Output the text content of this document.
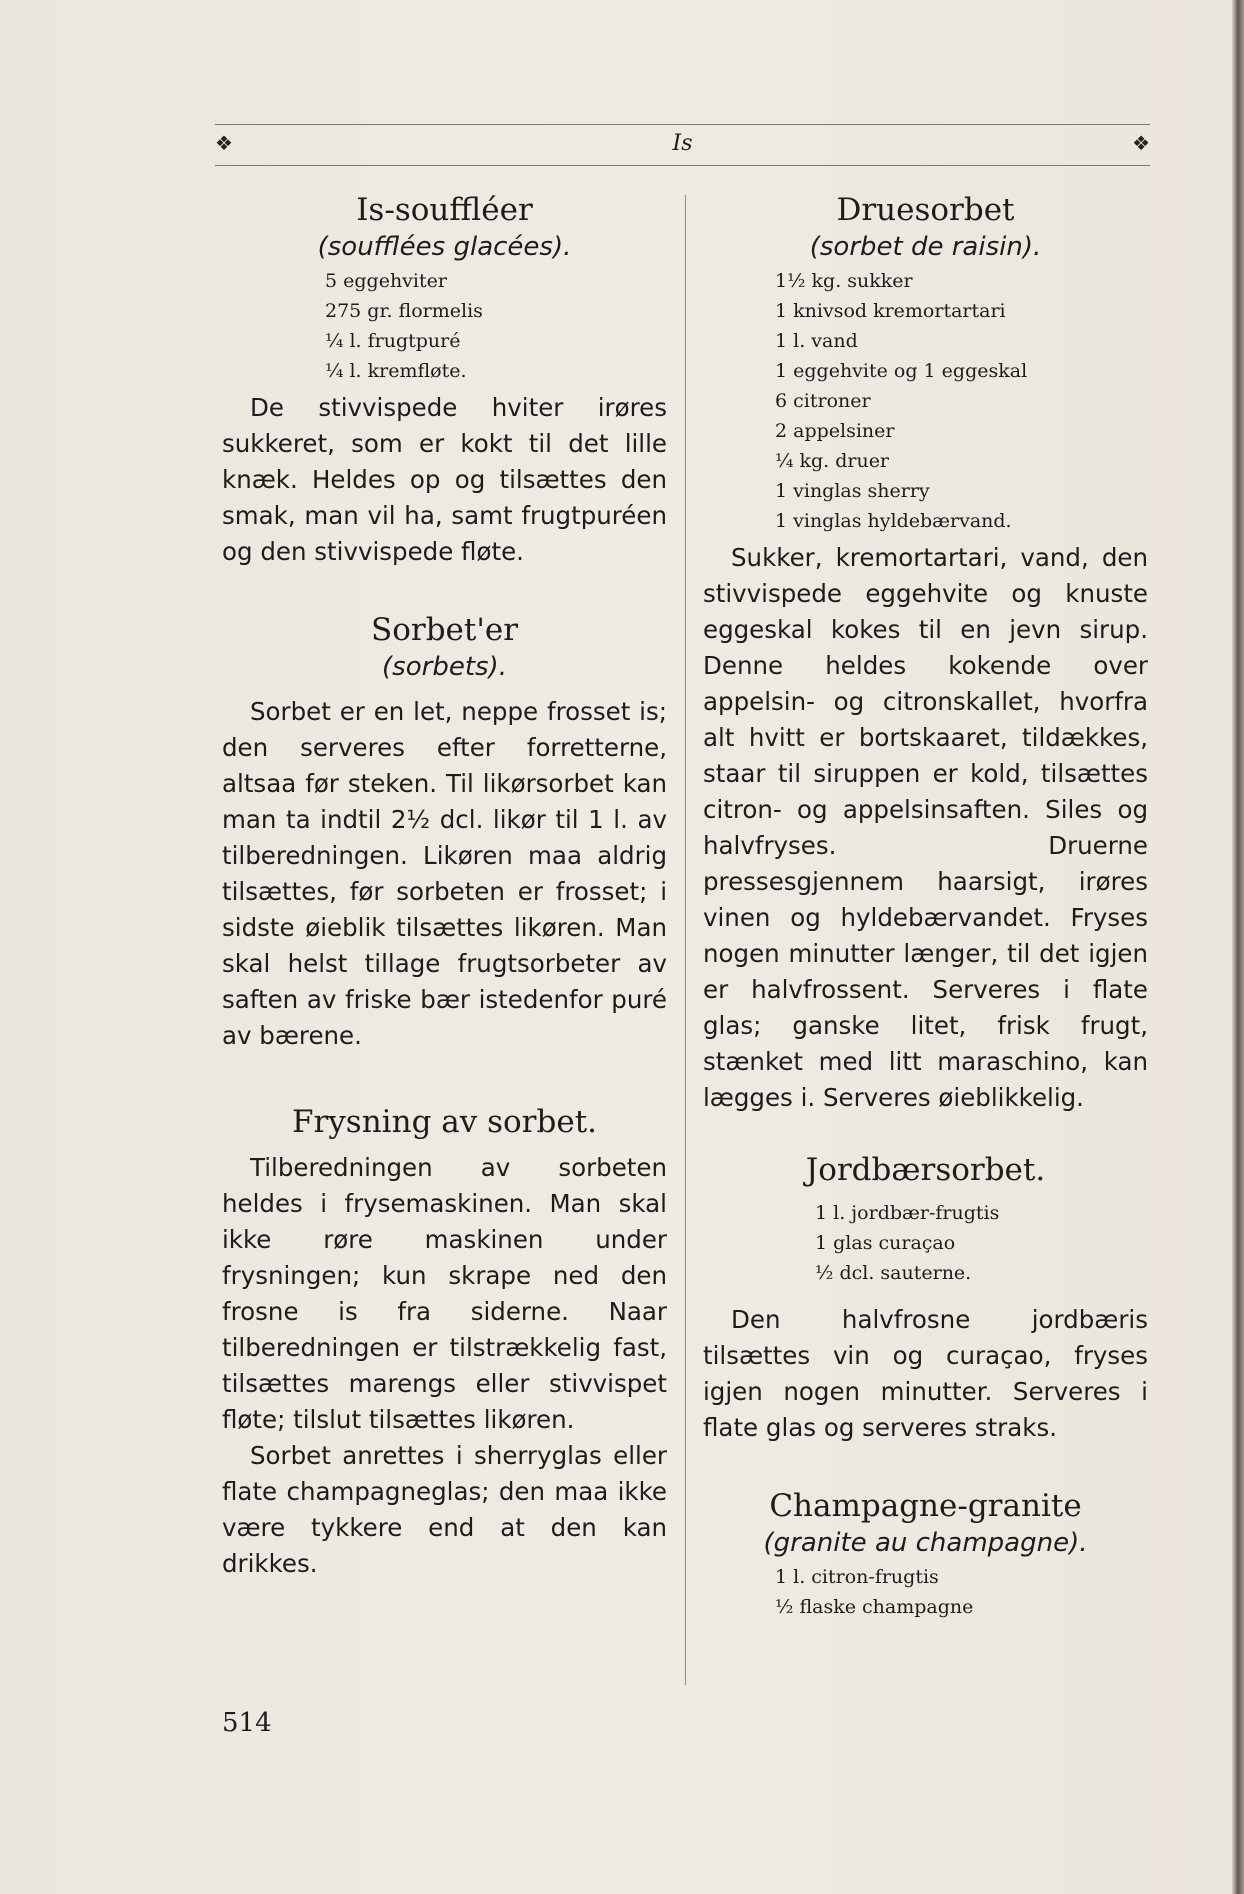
❖	Is	❖
Is-souffléer
(soufflées glacées).
5 eggehviter
275 gr. flormelis
¼ l. frugtpuré
¼ l. kremfløte.

De stivvispede hviter irøres sukkeret, som er kokt til det lille knæk. Heldes op og tilsættes den smak, man vil ha, samt frugtpuréen og den stivvispede fløte.

Sorbet'er
(sorbets).

Sorbet er en let, neppe frosset is; den serveres efter forretterne, altsaa før steken. Til likørsorbet kan man ta indtil 2½ dcl. likør til 1 l. av tilberedningen. Likøren maa aldrig tilsættes, før sorbeten er frosset; i sidste øieblik tilsættes likøren. Man skal helst tillage frugtsorbeter av saften av friske bær istedenfor puré av bærene.

Frysning av sorbet.

Tilberedningen av sorbeten heldes i frysemaskinen. Man skal ikke røre maskinen under frysningen; kun skrape ned den frosne is fra siderne. Naar tilberedningen er tilstrækkelig fast, tilsættes marengs eller stivvispet fløte; tilslut tilsættes likøren.

Sorbet anrettes i sherryglas eller flate champagneglas; den maa ikke være tykkere end at den kan drikkes.

Druesorbet
(sorbet de raisin).
1½ kg. sukker
1 knivsod kremortartari
1 l. vand
1 eggehvite og 1 eggeskal
6 citroner
2 appelsiner
¼ kg. druer
1 vinglas sherry
1 vinglas hyldebærvand.

Sukker, kremortartari, vand, den stivvispede eggehvite og knuste eggeskal kokes til en jevn sirup. Denne heldes kokende over appelsin- og citronskallet, hvorfra alt hvitt er bortskaaret, tildækkes, staar til siruppen er kold, tilsættes citron- og appelsinsaften. Siles og halvfryses. Druerne pressesgjennem haarsigt, irøres vinen og hyldebærvandet. Fryses nogen minutter længer, til det igjen er halvfrossent. Serveres i flate glas; ganske litet, frisk frugt, stænket med litt maraschino, kan lægges i. Serveres øieblikkelig.

Jordbærsorbet.
1 l. jordbær-frugtis
1 glas curaçao
½ dcl. sauterne.

Den halvfrosne jordbæris tilsættes vin og curaçao, fryses igjen nogen minutter. Serveres i flate glas og serveres straks.

Champagne-granite
(granite au champagne).
1 l. citron-frugtis
½ flaske champagne
514
